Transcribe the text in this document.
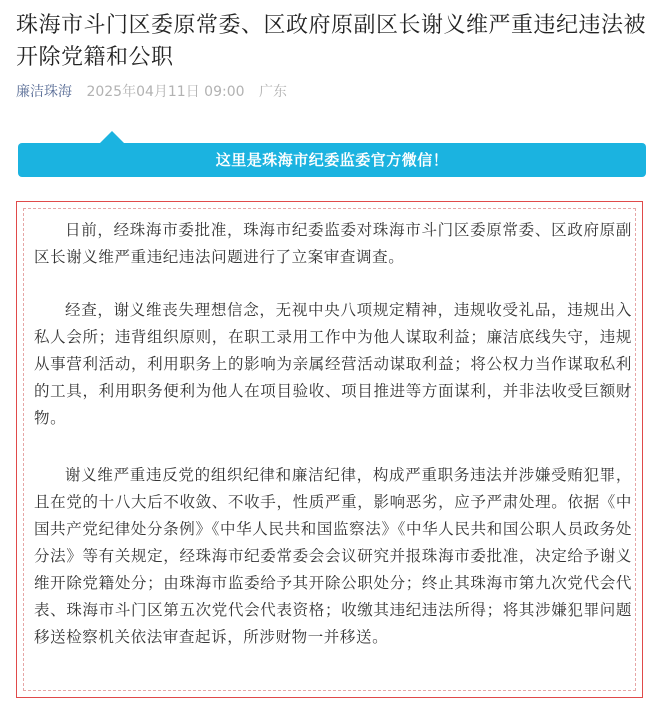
珠海市斗门区委原常委、区政府原副区长谢义维严重违纪违法被开除党籍和公职
廉洁珠海 2025年04月11日 09:00 广东
这里是珠海市纪委监委官方微信！

日前，经珠海市委批准，珠海市纪委监委对珠海市斗门区委原常委、区政府原副区长谢义维严重违纪违法问题进行了立案审查调查。

经查，谢义维丧失理想信念，无视中央八项规定精神，违规收受礼品，违规出入私人会所；违背组织原则，在职工录用工作中为他人谋取利益；廉洁底线失守，违规从事营利活动，利用职务上的影响为亲属经营活动谋取利益；将公权力当作谋取私利的工具，利用职务便利为他人在项目验收、项目推进等方面谋利，并非法收受巨额财物。

谢义维严重违反党的组织纪律和廉洁纪律，构成严重职务违法并涉嫌受贿犯罪，且在党的十八大后不收敛、不收手，性质严重，影响恶劣，应予严肃处理。依据《中国共产党纪律处分条例》《中华人民共和国监察法》《中华人民共和国公职人员政务处分法》等有关规定，经珠海市纪委常委会会议研究并报珠海市委批准，决定给予谢义维开除党籍处分；由珠海市监委给予其开除公职处分；终止其珠海市第九次党代会代表、珠海市斗门区第五次党代会代表资格；收缴其违纪违法所得；将其涉嫌犯罪问题移送检察机关依法审查起诉，所涉财物一并移送。
